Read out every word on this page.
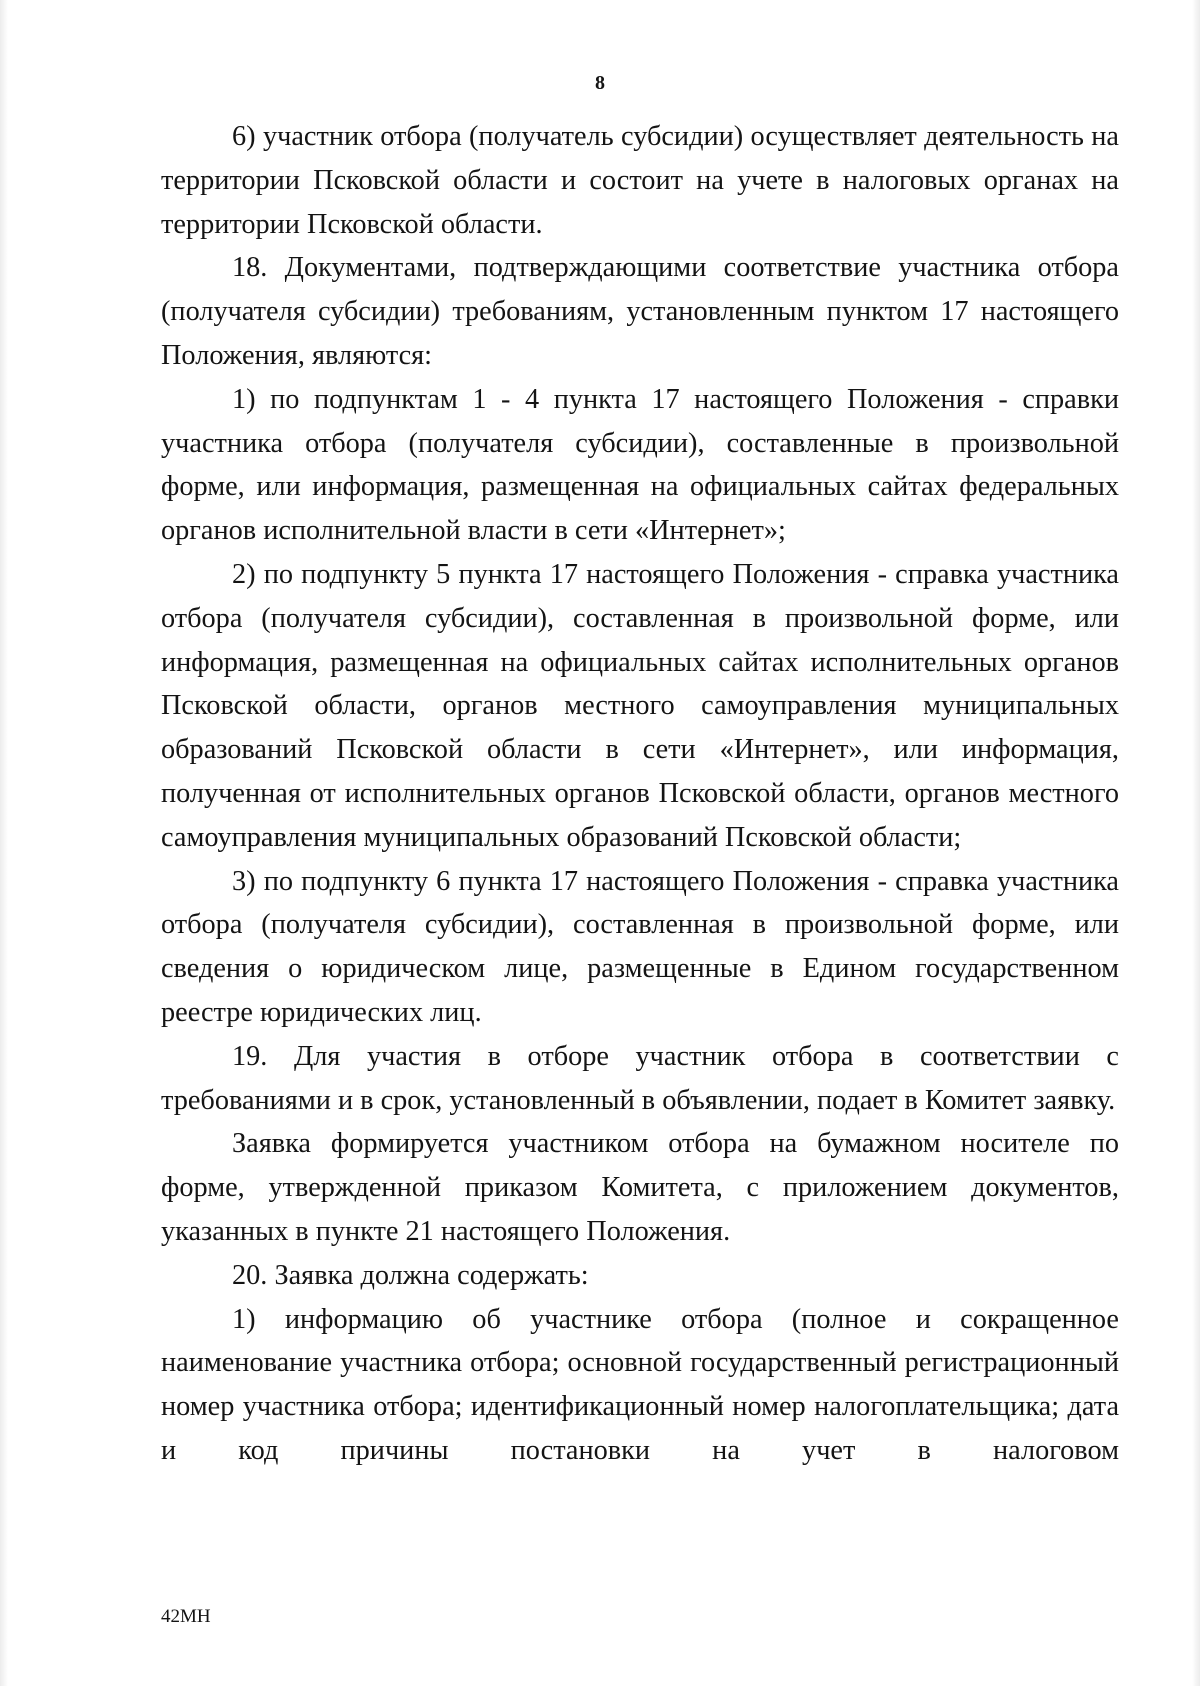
8

6) участник отбора (получатель субсидии) осуществляет деятельность на территории Псковской области и состоит на учете в налоговых органах на территории Псковской области.

18. Документами, подтверждающими соответствие участника отбора (получателя субсидии) требованиям, установленным пунктом 17 настоящего Положения, являются:

1) по подпунктам 1 - 4 пункта 17 настоящего Положения - справки участника отбора (получателя субсидии), составленные в произвольной форме, или информация, размещенная на официальных сайтах федеральных органов исполнительной власти в сети «Интернет»;

2) по подпункту 5 пункта 17 настоящего Положения - справка участника отбора (получателя субсидии), составленная в произвольной форме, или информация, размещенная на официальных сайтах исполнительных органов Псковской области, органов местного самоуправления муниципальных образований Псковской области в сети «Интернет», или информация, полученная от исполнительных органов Псковской области, органов местного самоуправления муниципальных образований Псковской области;

3) по подпункту 6 пункта 17 настоящего Положения - справка участника отбора (получателя субсидии), составленная в произвольной форме, или сведения о юридическом лице, размещенные в Едином государственном реестре юридических лиц.

19. Для участия в отборе участник отбора в соответствии с требованиями и в срок, установленный в объявлении, подает в Комитет заявку.

Заявка формируется участником отбора на бумажном носителе по форме, утвержденной приказом Комитета, с приложением документов, указанных в пункте 21 настоящего Положения.

20. Заявка должна содержать:

1) информацию об участнике отбора (полное и сокращенное наименование участника отбора; основной государственный регистрационный номер участника отбора; идентификационный номер налогоплательщика; дата и код причины постановки на учет в налоговом

42МН
